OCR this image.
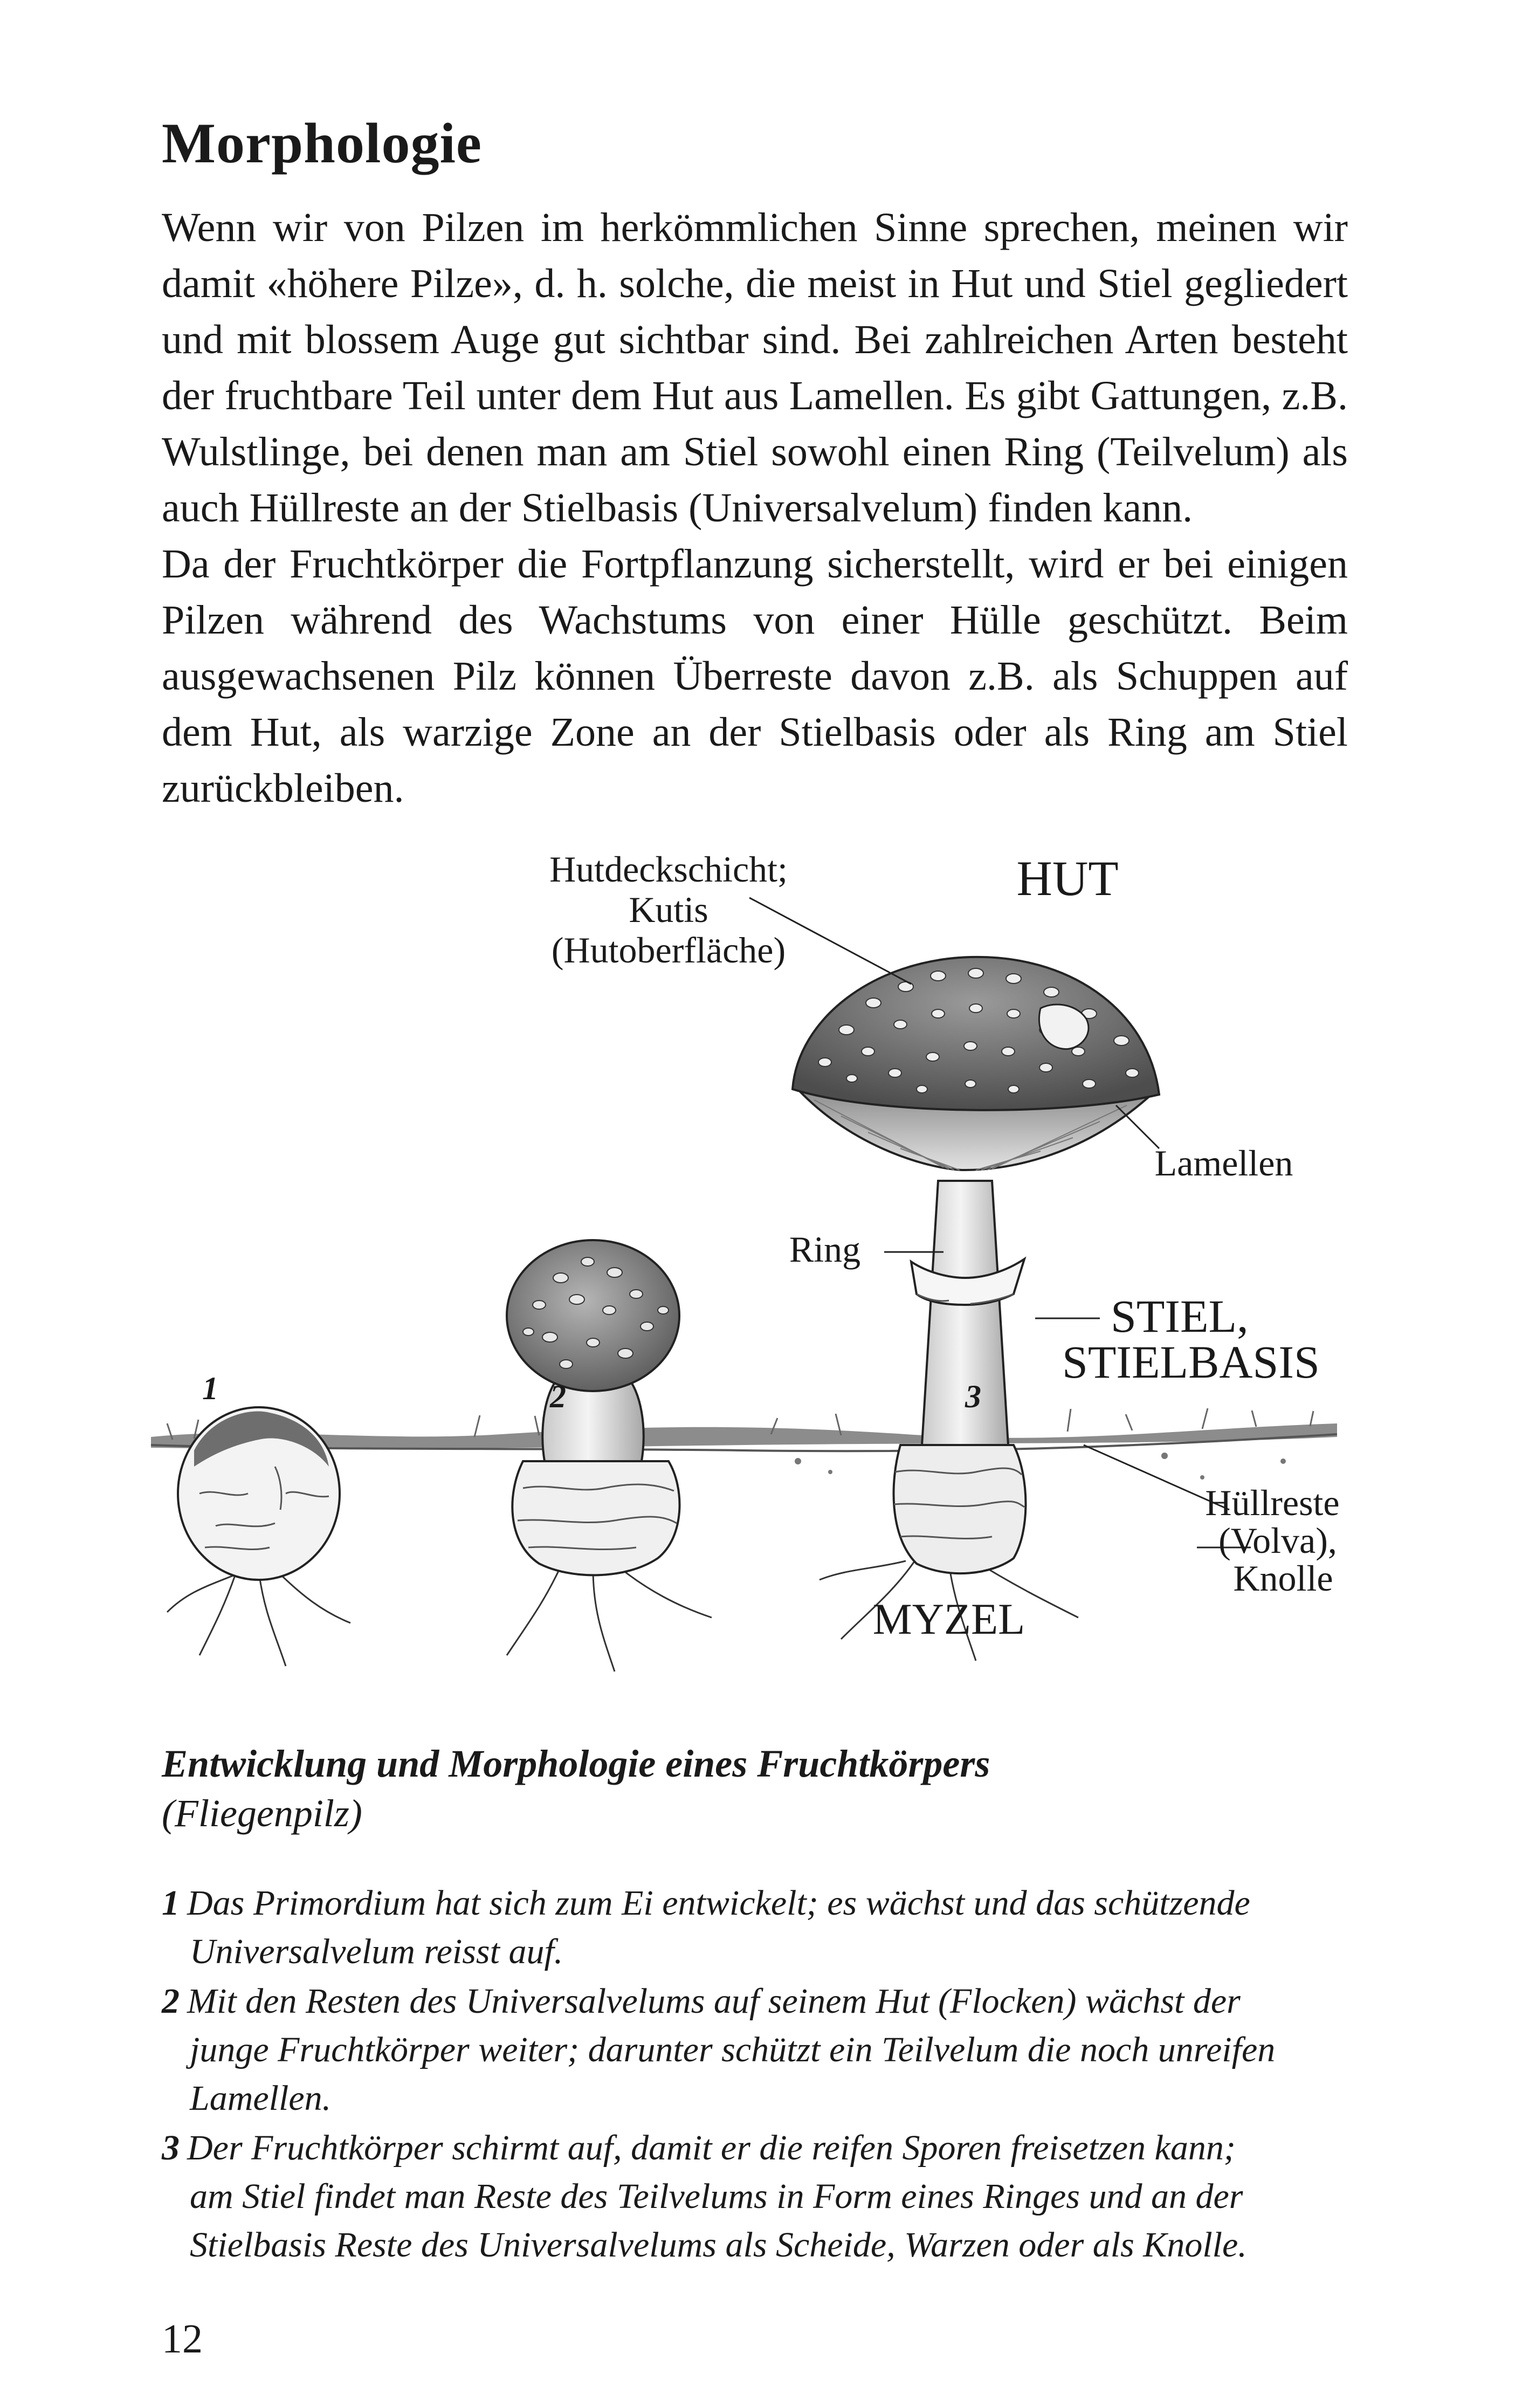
Morphologie

Wenn wir von Pilzen im herkömmlichen Sinne sprechen, meinen wir damit «höhere Pilze», d. h. solche, die meist in Hut und Stiel gegliedert und mit blossem Auge gut sichtbar sind. Bei zahlreichen Arten besteht der fruchtbare Teil unter dem Hut aus Lamellen. Es gibt Gattungen, z.B. Wulstlinge, bei denen man am Stiel sowohl einen Ring (Teilvelum) als auch Hüllreste an der Stielbasis (Universalvelum) finden kann.

Da der Fruchtkörper die Fortpflanzung sicherstellt, wird er bei einigen Pilzen während des Wachstums von einer Hülle geschützt. Beim ausgewachsenen Pilz können Überreste davon z.B. als Schuppen auf dem Hut, als warzige Zone an der Stielbasis oder als Ring am Stiel zurückbleiben.

Hutdeckschicht;
Kutis
(Hutoberfläche)
HUT
Lamellen
Ring
STIEL,
STIELBASIS
Hüllreste
(Volva),
Knolle
MYZEL
1	2	3

Entwicklung und Morphologie eines Fruchtkörpers

(Fliegenpilz)

1 Das Primordium hat sich zum Ei entwickelt; es wächst und das schützende
Universalvelum reisst auf.
2 Mit den Resten des Universalvelums auf seinem Hut (Flocken) wächst der
junge Fruchtkörper weiter; darunter schützt ein Teilvelum die noch unreifen
Lamellen.
3 Der Fruchtkörper schirmt auf, damit er die reifen Sporen freisetzen kann;
am Stiel findet man Reste des Teilvelums in Form eines Ringes und an der
Stielbasis Reste des Universalvelums als Scheide, Warzen oder als Knolle.

12
